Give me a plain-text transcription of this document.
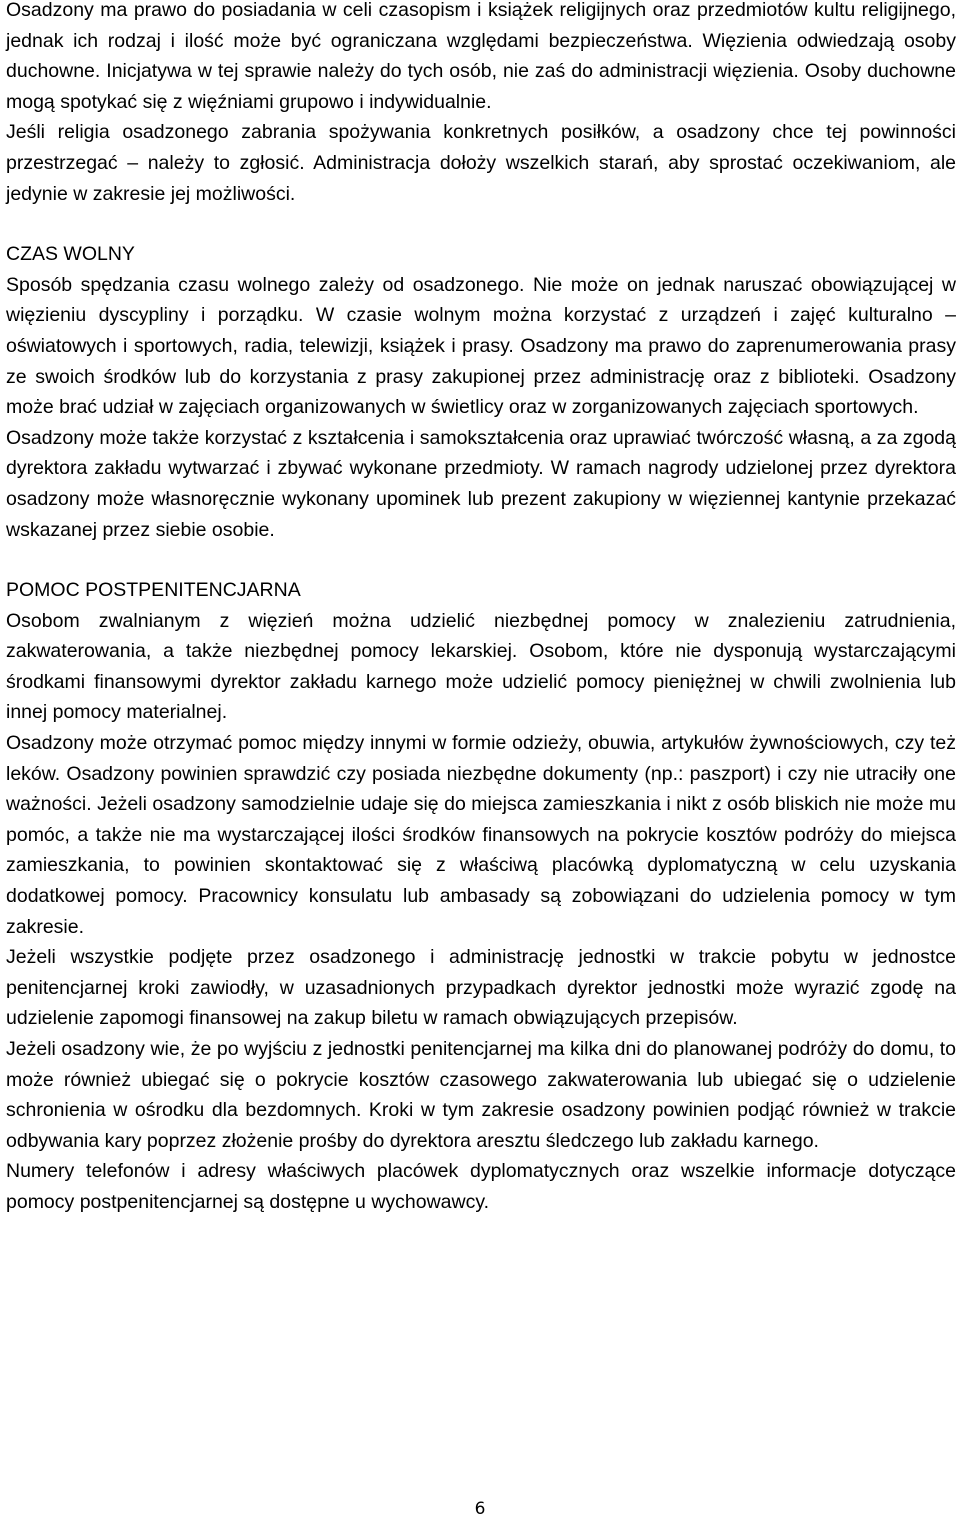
Osadzony ma prawo do posiadania w celi czasopism i książek religijnych oraz przedmiotów kultu religijnego, jednak ich rodzaj i ilość może być ograniczana względami bezpieczeństwa. Więzienia odwiedzają osoby duchowne. Inicjatywa w tej sprawie należy do tych osób, nie zaś do administracji więzienia. Osoby duchowne mogą spotykać się z więźniami grupowo i indywidualnie.

Jeśli religia osadzonego zabrania spożywania konkretnych posiłków, a osadzony chce tej powinności przestrzegać – należy to zgłosić. Administracja dołoży wszelkich starań, aby sprostać oczekiwaniom, ale jedynie w zakresie jej możliwości.

CZAS WOLNY

Sposób spędzania czasu wolnego zależy od osadzonego. Nie może on jednak naruszać obowiązującej w więzieniu dyscypliny i porządku. W czasie wolnym można korzystać z urządzeń i zajęć kulturalno – oświatowych i sportowych, radia, telewizji, książek i prasy. Osadzony ma prawo do zaprenumerowania prasy ze swoich środków lub do korzystania z prasy zakupionej przez administrację oraz z biblioteki. Osadzony może brać udział w zajęciach organizowanych w świetlicy oraz w zorganizowanych zajęciach sportowych.

Osadzony może także korzystać z kształcenia i samokształcenia oraz uprawiać twórczość własną, a za zgodą dyrektora zakładu wytwarzać i zbywać wykonane przedmioty. W ramach nagrody udzielonej przez dyrektora osadzony może własnoręcznie wykonany upominek lub prezent zakupiony w więziennej kantynie przekazać wskazanej przez siebie osobie.

POMOC POSTPENITENCJARNA

Osobom zwalnianym z więzień można udzielić niezbędnej pomocy w znalezieniu zatrudnienia, zakwaterowania, a także niezbędnej pomocy lekarskiej. Osobom, które nie dysponują wystarczającymi środkami finansowymi dyrektor zakładu karnego może udzielić pomocy pieniężnej w chwili zwolnienia lub innej pomocy materialnej.

Osadzony może otrzymać pomoc między innymi w formie odzieży, obuwia, artykułów żywnościowych, czy też leków. Osadzony powinien sprawdzić czy posiada niezbędne dokumenty (np.: paszport) i czy nie utraciły one ważności. Jeżeli osadzony samodzielnie udaje się do miejsca zamieszkania i nikt z osób bliskich nie może mu pomóc, a także nie ma wystarczającej ilości środków finansowych na pokrycie kosztów podróży do miejsca zamieszkania, to powinien skontaktować się z właściwą placówką dyplomatyczną w celu uzyskania dodatkowej pomocy. Pracownicy konsulatu lub ambasady są zobowiązani do udzielenia pomocy w tym zakresie.

Jeżeli wszystkie podjęte przez osadzonego i administrację jednostki w trakcie pobytu w jednostce penitencjarnej kroki zawiodły, w uzasadnionych przypadkach dyrektor jednostki może wyrazić zgodę na udzielenie zapomogi finansowej na zakup biletu w ramach obwiązujących przepisów.

Jeżeli osadzony wie, że po wyjściu z jednostki penitencjarnej ma kilka dni do planowanej podróży do domu, to może również ubiegać się o pokrycie kosztów czasowego zakwaterowania lub ubiegać się o udzielenie schronienia w ośrodku dla bezdomnych. Kroki w tym zakresie osadzony powinien podjąć również w trakcie odbywania kary poprzez złożenie prośby do dyrektora aresztu śledczego lub zakładu karnego.

Numery telefonów i adresy właściwych placówek dyplomatycznych oraz wszelkie informacje dotyczące pomocy postpenitencjarnej są dostępne u wychowawcy.

6
